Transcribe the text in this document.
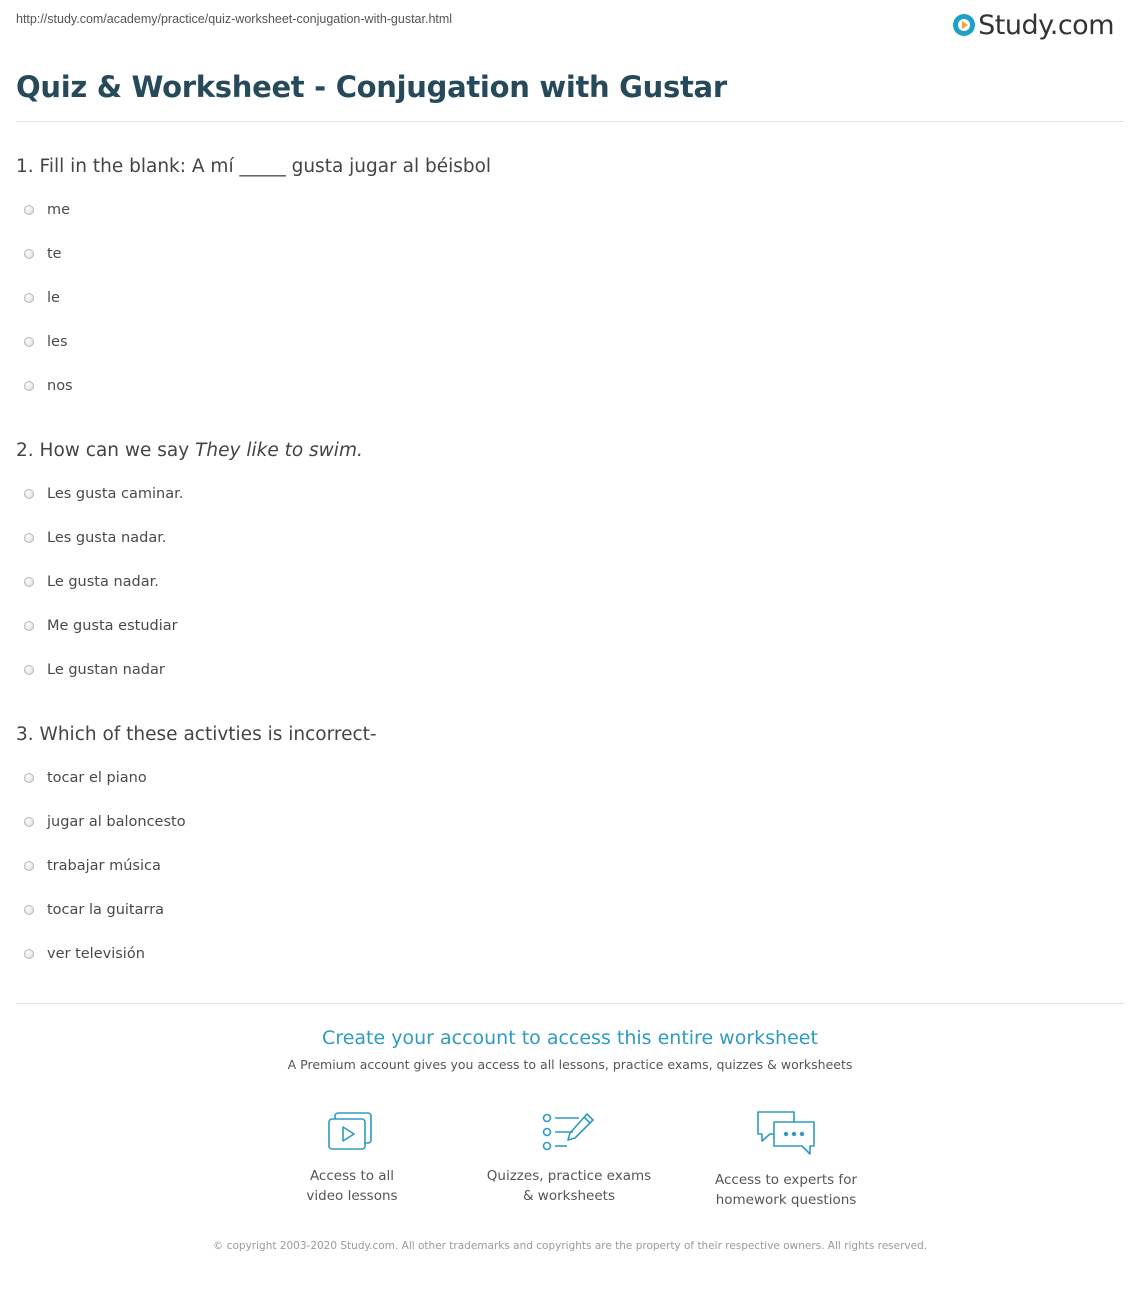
http://study.com/academy/practice/quiz-worksheet-conjugation-with-gustar.html	Study.com
Quiz & Worksheet - Conjugation with Gustar
1. Fill in the blank: A mí _____ gusta jugar al béisbol
me
te
le
les
nos
2. How can we say They like to swim.
Les gusta caminar.
Les gusta nadar.
Le gusta nadar.
Me gusta estudiar
Le gustan nadar
3. Which of these activties is incorrect-
tocar el piano
jugar al baloncesto
trabajar música
tocar la guitarra
ver televisión
Create your account to access this entire worksheet
A Premium account gives you access to all lessons, practice exams, quizzes & worksheets
Access to all
video lessons
Quizzes, practice exams
& worksheets
Access to experts for
homework questions
© copyright 2003-2020 Study.com. All other trademarks and copyrights are the property of their respective owners. All rights reserved.
